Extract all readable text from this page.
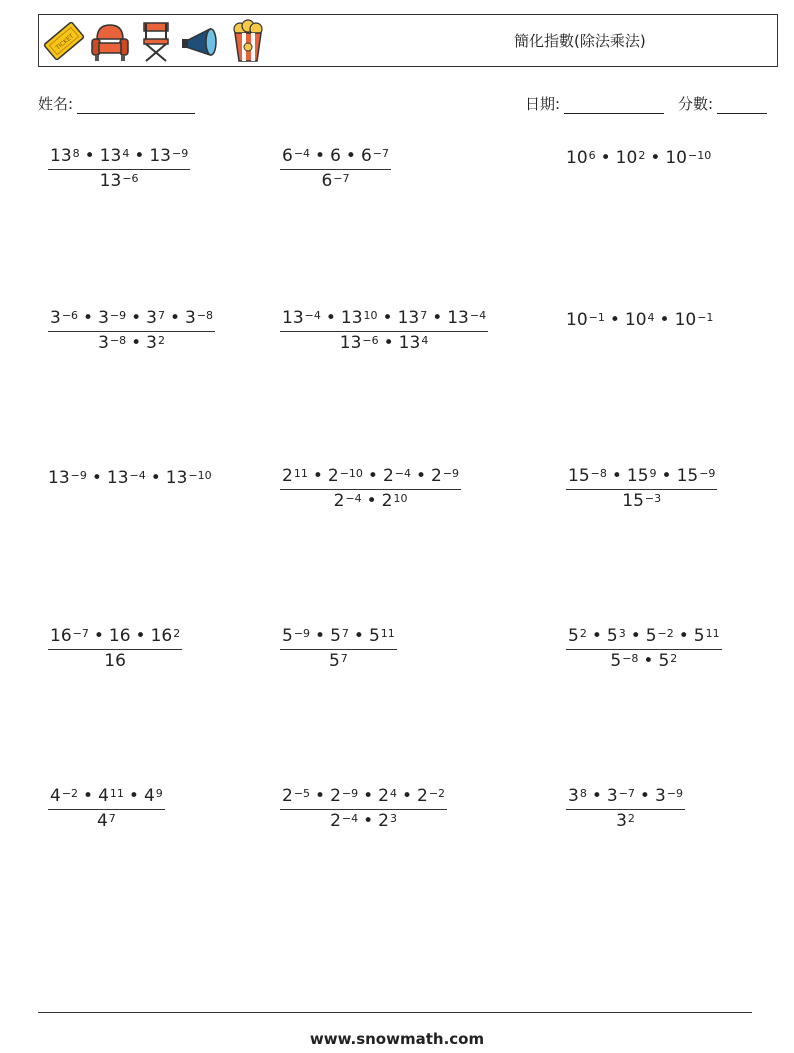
TICKET	簡化指數(除法乘法)
姓名:	日期:	分數:
$\frac{13^8 • 13^4 • 13^{-9}}{13^{-6}}$	$\frac{6^{-4} • 6 • 6^{-7}}{6^{-7}}$	$10^6$ • $10^2$ • $10^{-10}$
$\frac{3^{-6} • 3^{-9} • 3^7 • 3^{-8}}{3^{-8} • 3^2}$	$\frac{13^{-4} • 13^{10} • 13^7 • 13^{-4}}{13^{-6} • 13^4}$	$10^{-1}$ • $10^4$ • $10^{-1}$
$13^{-9}$ • $13^{-4}$ • $13^{-10}$	$\frac{2^{11} • 2^{-10} • 2^{-4} • 2^{-9}}{2^{-4} • 2^{10}}$	$\frac{15^{-8} • 15^9 • 15^{-9}}{15^{-3}}$
$\frac{16^{-7} • 16 • 16^2}{16}$	$\frac{5^{-9} • 5^7 • 5^{11}}{5^7}$	$\frac{5^2 • 5^3 • 5^{-2} • 5^{11}}{5^{-8} • 5^2}$
$\frac{4^{-2} • 4^{11} • 4^9}{4^7}$	$\frac{2^{-5} • 2^{-9} • 2^4 • 2^{-2}}{2^{-4} • 2^3}$	$\frac{3^8 • 3^{-7} • 3^{-9}}{3^2}$
www.snowmath.com
